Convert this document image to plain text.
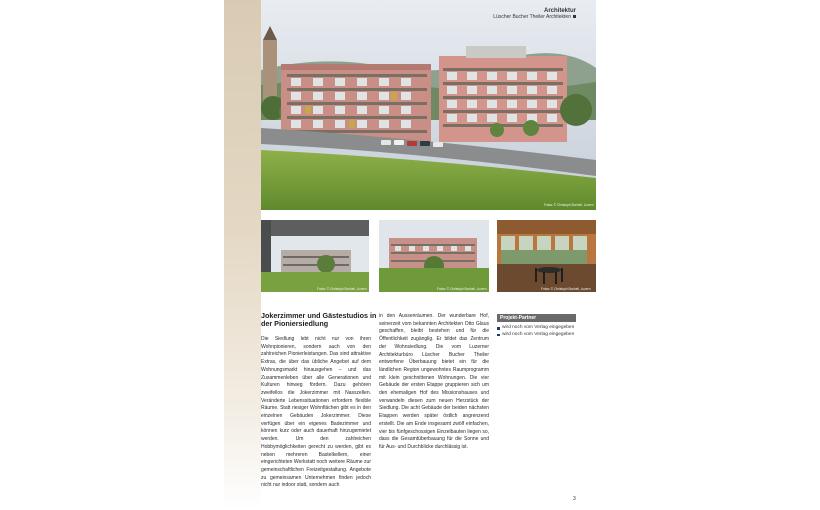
Fotos: © Christoph Bucheli, Luzern
Architektur
Lüscher Bucher Theiler Architekten
Fotos: © Christoph Bucheli, Luzern	Fotos: © Christoph Bucheli, Luzern	Fotos: © Christoph Bucheli, Luzern
Jokerzimmer und Gästestudios in der Pioniersiedlung
Die Siedlung lebt nicht nur von ihren Wohnpionieren, sondern auch von den zahlreichen Pionierleistungen. Das sind attraktive Extras, die über das übliche Angebot auf dem Wohnungsmarkt hinausgehen – und das Zusammenleben über alle Generationen und Kulturen hinweg fördern. Dazu gehören zweifellos die Jokerzimmer mit Nasszellen. Veränderte Lebenssituationen erfordern flexible Räume. Statt riesiger Wohnflächen gibt es in den einzelnen Gebäuden Jokerzimmer. Diese verfügen über ein eigenes Badezimmer und können kurz oder auch dauerhaft hinzugemietet werden. Um den zahlreichen Hobbymöglichkeiten gerecht zu werden, gibt es neben mehreren Bastelkellern, einer eingerichteten Werkstatt noch weitere Räume zur gemeinschaftlichen Freizeitgestaltung. Angebote zu gemeinsamen Unternehmen finden jedoch nicht nur indoor statt, sondern auch
in den Aussenräumen. Der wunderbare Hof, seinerzeit vom bekannten Architekten Otto Glaus geschaffen, bleibt bestehen und für die Öffentlichkeit zugänglig. Er bildet das Zentrum der Wohnsiedlung. Die vom Luzerner Architekturbüro Lüscher Bucher Theiler entworfene Überbauung bietet ein für die ländlichen Region ungewohntes Raumprogramm mit klein geschnittenen Wohnungen. Die vier Gebäude der ersten Etappe gruppieren sich um den ehemaligen Hof des Missionshauses und verwandeln diesen zum neuen Herzstück der Siedlung. Die acht Gebäude der beiden nächsten Etappen werden später östlich angrenzend erstellt. Die am Ende insgesamt zwölf einfachen, vier bis fünfgeschossigen Einzelbauten liegen so, dass die Gesamtüberbauung für die Sonne und für Aus- und Durchblicke durchlässig ist.
Projekt-Partner
wird noch vom Verlag eingegeben
wird noch vom Verlag eingegeben
3
